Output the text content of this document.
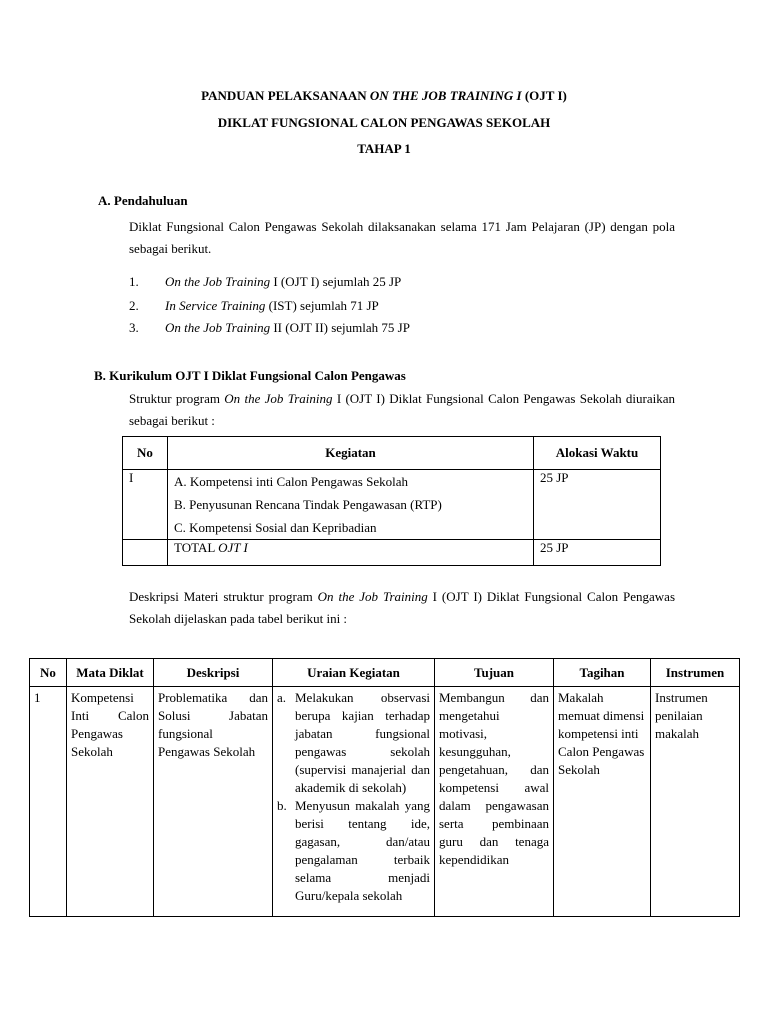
PANDUAN PELAKSANAAN ON THE JOB TRAINING I (OJT I)
DIKLAT FUNGSIONAL CALON PENGAWAS SEKOLAH
TAHAP 1
A. Pendahuluan
Diklat Fungsional Calon Pengawas Sekolah dilaksanakan selama 171 Jam Pelajaran (JP) dengan pola sebagai berikut.
1. On the Job Training I (OJT I) sejumlah 25 JP
2. In Service Training (IST) sejumlah 71 JP
3. On the Job Training II (OJT II) sejumlah 75 JP
B. Kurikulum OJT I Diklat Fungsional Calon Pengawas
Struktur program On the Job Training I (OJT I) Diklat Fungsional Calon Pengawas Sekolah diuraikan sebagai berikut :
No	Kegiatan	Alokasi Waktu
I	A. Kompetensi inti Calon Pengawas Sekolah
B. Penyusunan Rencana Tindak Pengawasan (RTP)
C. Kompetensi Sosial dan Kepribadian	25 JP
	TOTAL OJT I	25 JP
Deskripsi Materi struktur program On the Job Training I (OJT I) Diklat Fungsional Calon Pengawas Sekolah dijelaskan pada tabel berikut ini :
No	Mata Diklat	Deskripsi	Uraian Kegiatan	Tujuan	Tagihan	Instrumen
1	Kompetensi Inti Calon Pengawas Sekolah	Problematika dan Solusi Jabatan fungsional Pengawas Sekolah	a. Melakukan observasi berupa kajian terhadap jabatan fungsional pengawas sekolah (supervisi manajerial dan akademik di sekolah)
b. Menyusun makalah yang berisi tentang ide, gagasan, dan/atau pengalaman terbaik selama menjadi Guru/kepala sekolah	Membangun dan mengetahui motivasi, kesungguhan, pengetahuan, dan kompetensi awal dalam pengawasan serta pembinaan guru dan tenaga kependidikan	Makalah memuat dimensi kompetensi inti Calon Pengawas Sekolah	Instrumen penilaian makalah
